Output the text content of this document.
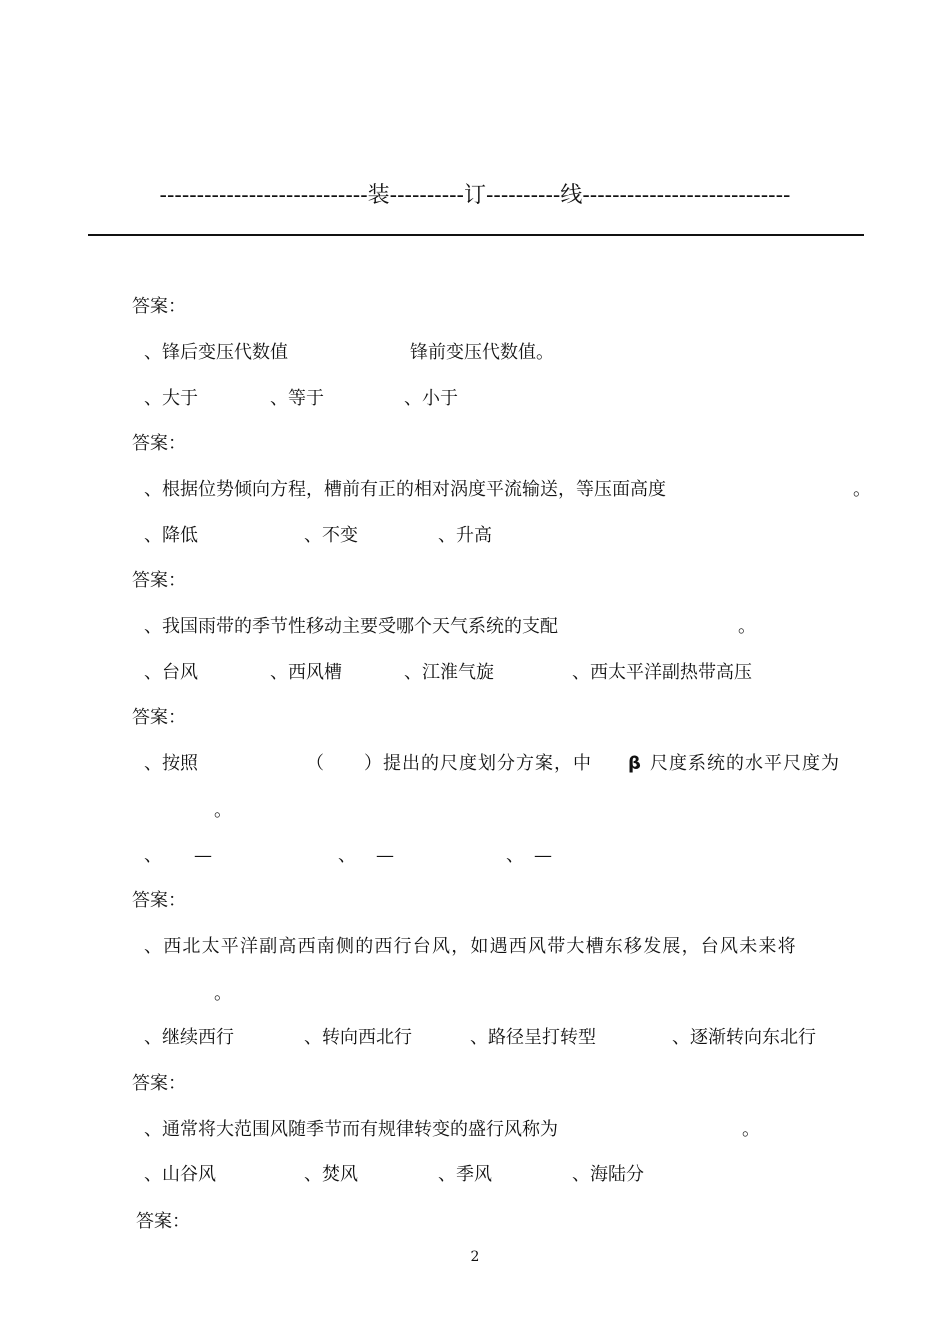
----------------------------装----------订----------线----------------------------
答案：
、锋后变压代数值	锋前变压代数值。
、大于	、等于	、小于
答案：
、根据位势倾向方程，槽前有正的相对涡度平流输送，等压面高度	。
、降低	、不变	、升高
答案：
、我国雨带的季节性移动主要受哪个天气系统的支配	。
、台风	、西风槽	、江淮气旋	、西太平洋副热带高压
答案：
、按照	（ ）提出的尺度划分方案，中 β 尺度系统的水平尺度为
。
、 —	、 —	、 —
答案：
、西北太平洋副高西南侧的西行台风，如遇西风带大槽东移发展，台风未来将
。
、继续西行	、转向西北行	、路径呈打转型	、逐渐转向东北行
答案：
、通常将大范围风随季节而有规律转变的盛行风称为	。
、山谷风	、焚风	、季风	、海陆分
答案：
2
